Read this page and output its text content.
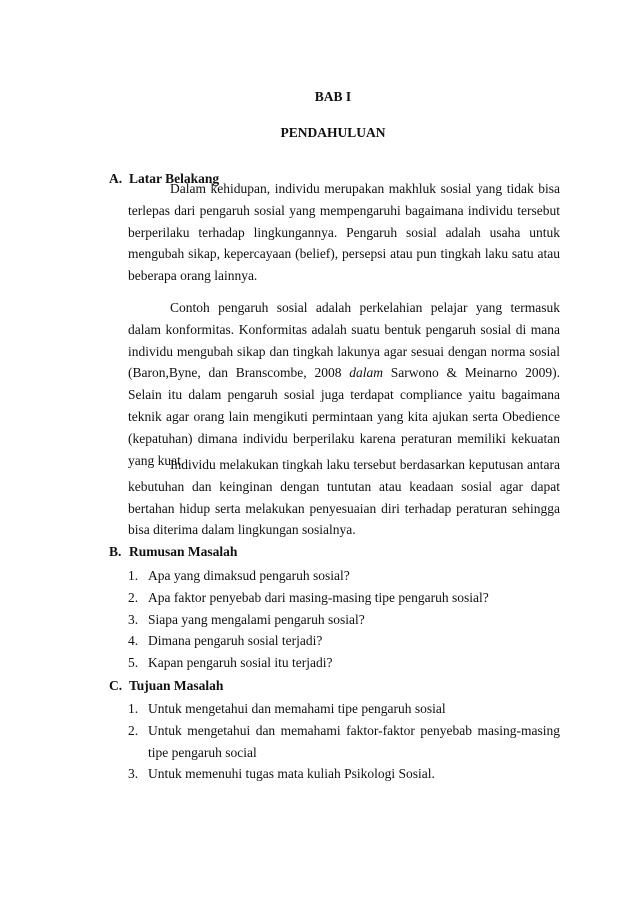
BAB I
PENDAHULUAN
A. Latar Belakang

Dalam kehidupan, individu merupakan makhluk sosial yang tidak bisa terlepas dari pengaruh sosial yang mempengaruhi bagaimana individu tersebut berperilaku terhadap lingkungannya. Pengaruh sosial adalah usaha untuk mengubah sikap, kepercayaan (belief), persepsi atau pun tingkah laku satu atau beberapa orang lainnya.

Contoh pengaruh sosial adalah perkelahian pelajar yang termasuk dalam konformitas. Konformitas adalah suatu bentuk pengaruh sosial di mana individu mengubah sikap dan tingkah lakunya agar sesuai dengan norma sosial (Baron,Byne, dan Branscombe, 2008 dalam Sarwono & Meinarno 2009). Selain itu dalam pengaruh sosial juga terdapat compliance yaitu bagaimana teknik agar orang lain mengikuti permintaan yang kita ajukan serta Obedience (kepatuhan) dimana individu berperilaku karena peraturan memiliki kekuatan yang kuat.

Individu melakukan tingkah laku tersebut berdasarkan keputusan antara kebutuhan dan keinginan dengan tuntutan atau keadaan sosial agar dapat bertahan hidup serta melakukan penyesuaian diri terhadap peraturan sehingga bisa diterima dalam lingkungan sosialnya.

B. Rumusan Masalah
1. Apa yang dimaksud pengaruh sosial?
2. Apa faktor penyebab dari masing-masing tipe pengaruh sosial?
3. Siapa yang mengalami pengaruh sosial?
4. Dimana pengaruh sosial terjadi?
5. Kapan pengaruh sosial itu terjadi?
C. Tujuan Masalah
1. Untuk mengetahui dan memahami tipe pengaruh sosial
2. Untuk mengetahui dan memahami faktor-faktor penyebab masing-masing tipe pengaruh social
3. Untuk memenuhi tugas mata kuliah Psikologi Sosial.
